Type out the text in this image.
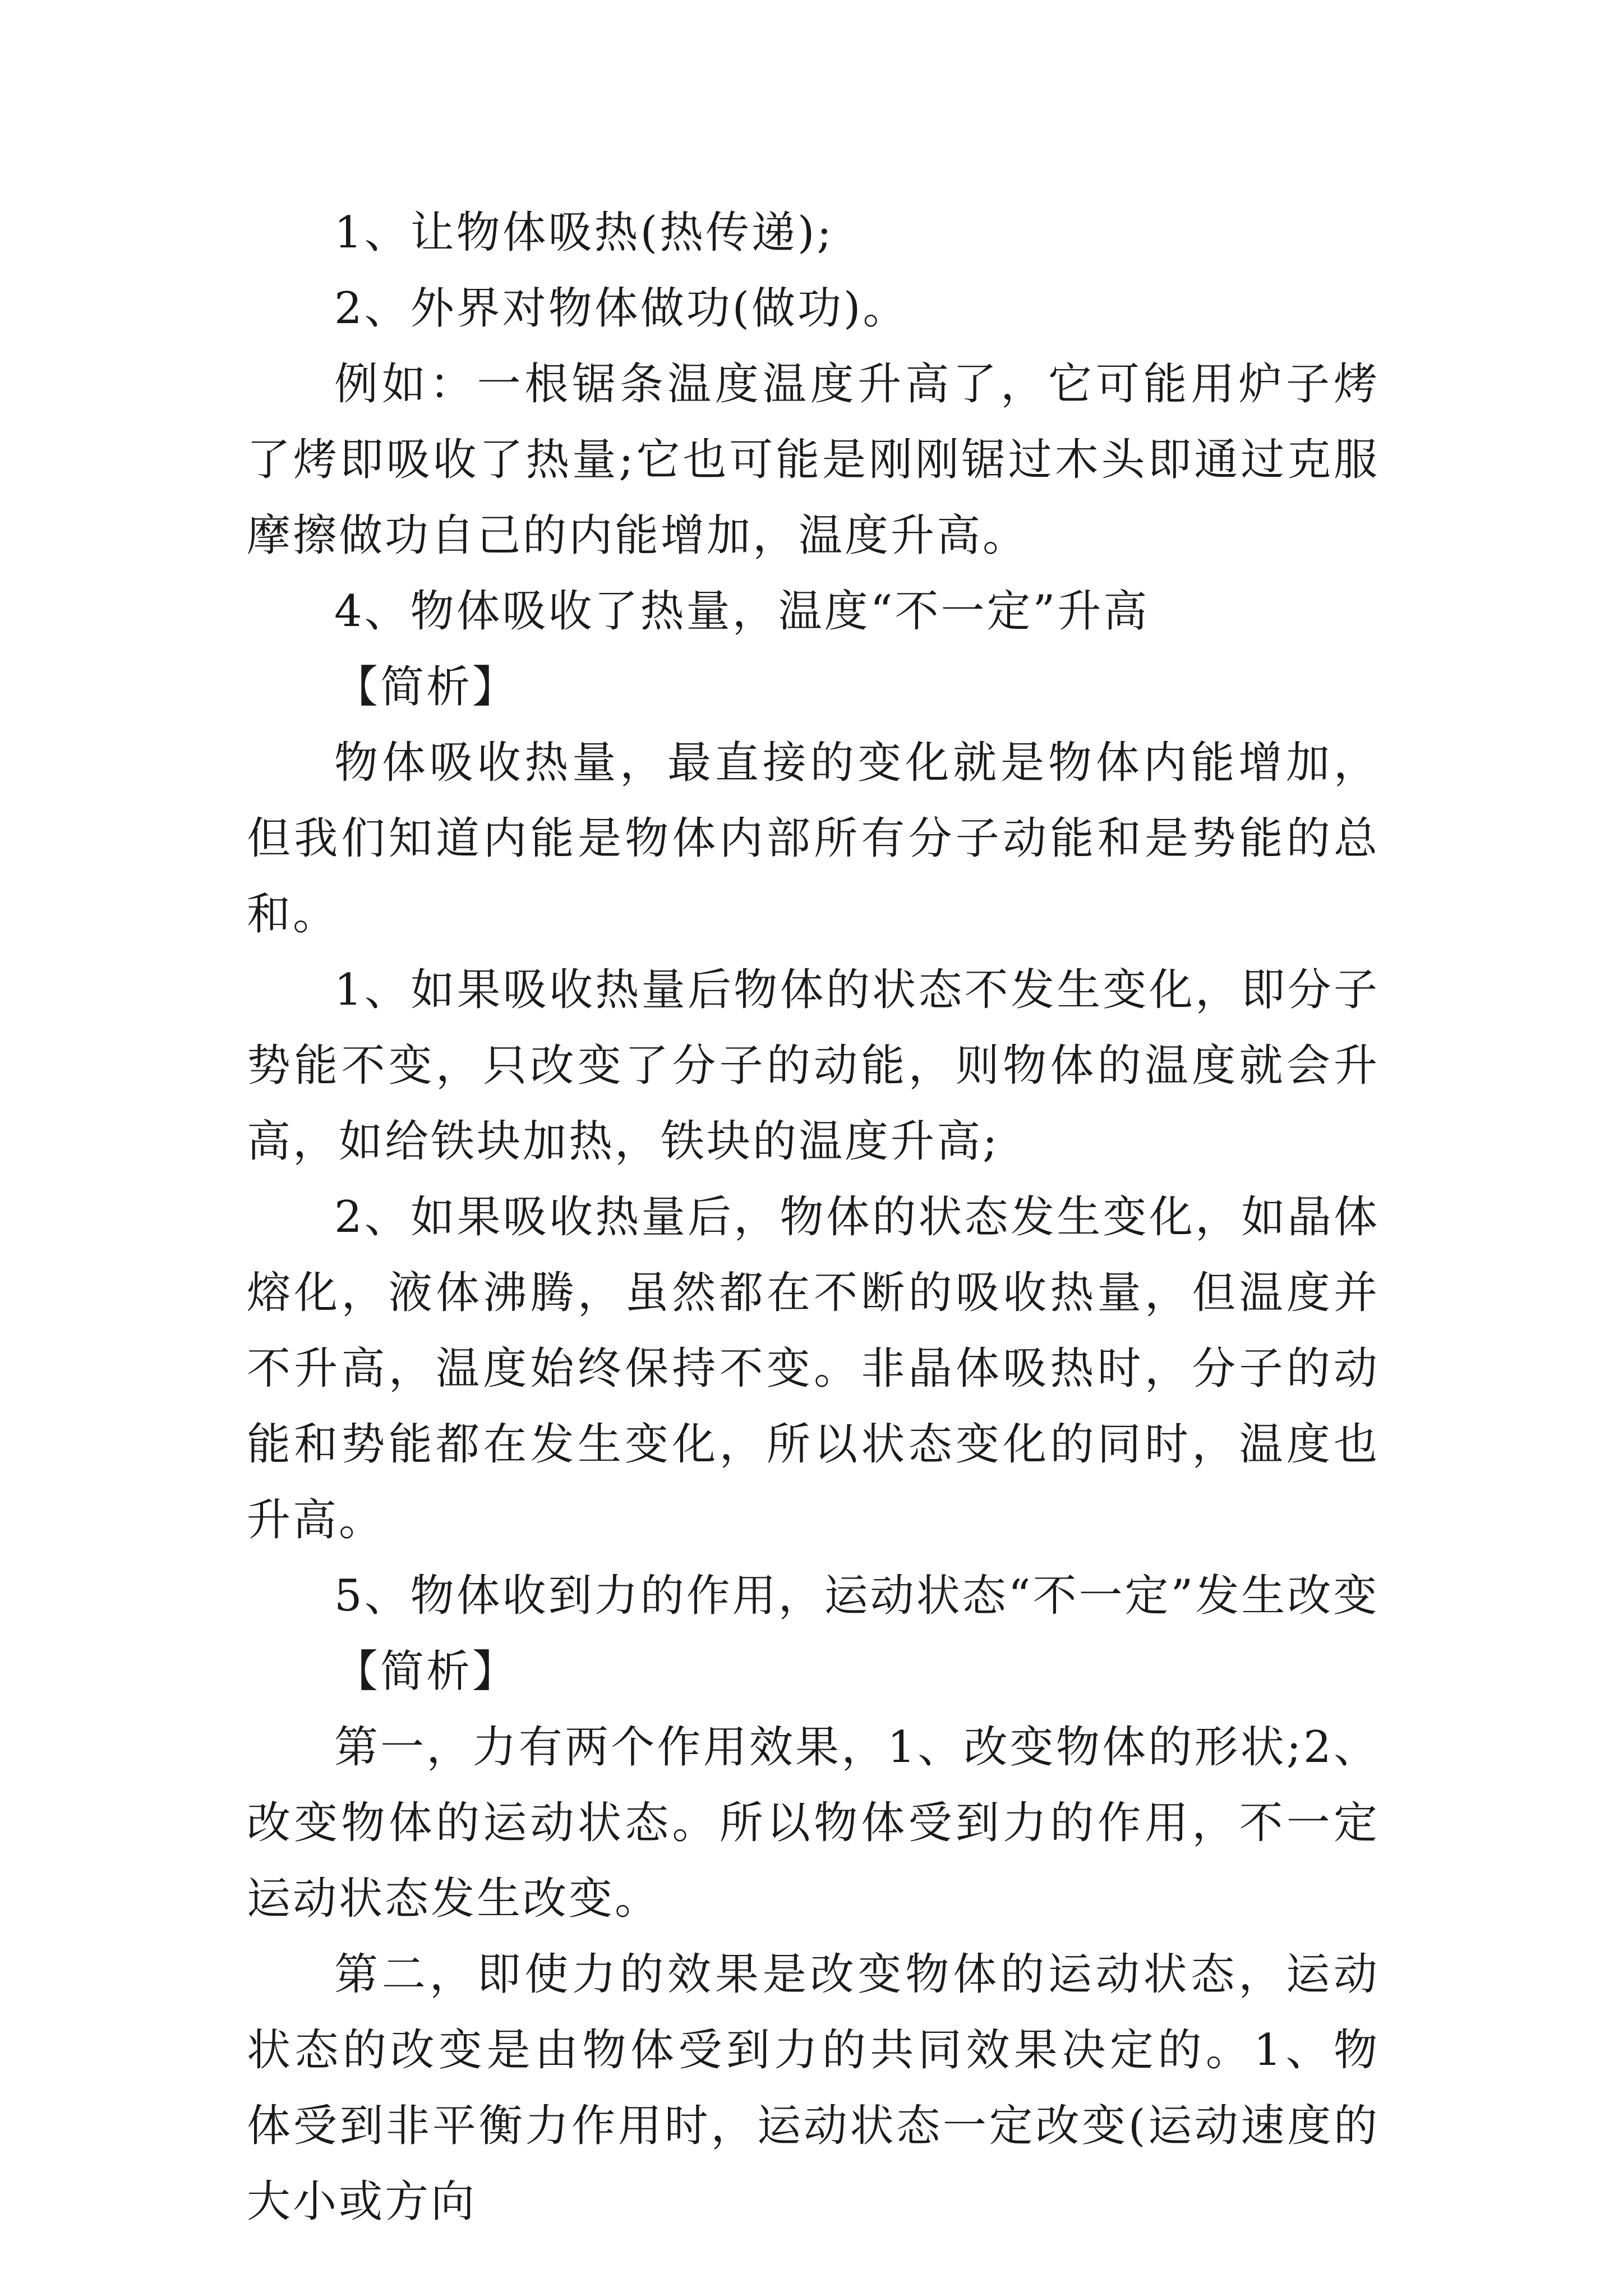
1、让物体吸热(热传递);

2、外界对物体做功(做功)。

例如：一根锯条温度温度升高了，它可能用炉子烤了烤即吸收了热量;它也可能是刚刚锯过木头即通过克服摩擦做功自己的内能增加，温度升高。

4、物体吸收了热量，温度“不一定”升高

【简析】

物体吸收热量，最直接的变化就是物体内能增加，但我们知道内能是物体内部所有分子动能和是势能的总和。

1、如果吸收热量后物体的状态不发生变化，即分子势能不变，只改变了分子的动能，则物体的温度就会升高，如给铁块加热，铁块的温度升高;

2、如果吸收热量后，物体的状态发生变化，如晶体熔化，液体沸腾，虽然都在不断的吸收热量，但温度并不升高，温度始终保持不变。非晶体吸热时，分子的动能和势能都在发生变化，所以状态变化的同时，温度也升高。

5、物体收到力的作用，运动状态“不一定”发生改变

【简析】

第一，力有两个作用效果，1、改变物体的形状;2、改变物体的运动状态。所以物体受到力的作用，不一定运动状态发生改变。

第二，即使力的效果是改变物体的运动状态，运动状态的改变是由物体受到力的共同效果决定的。1、物体受到非平衡力作用时，运动状态一定改变(运动速度的大小或方向
